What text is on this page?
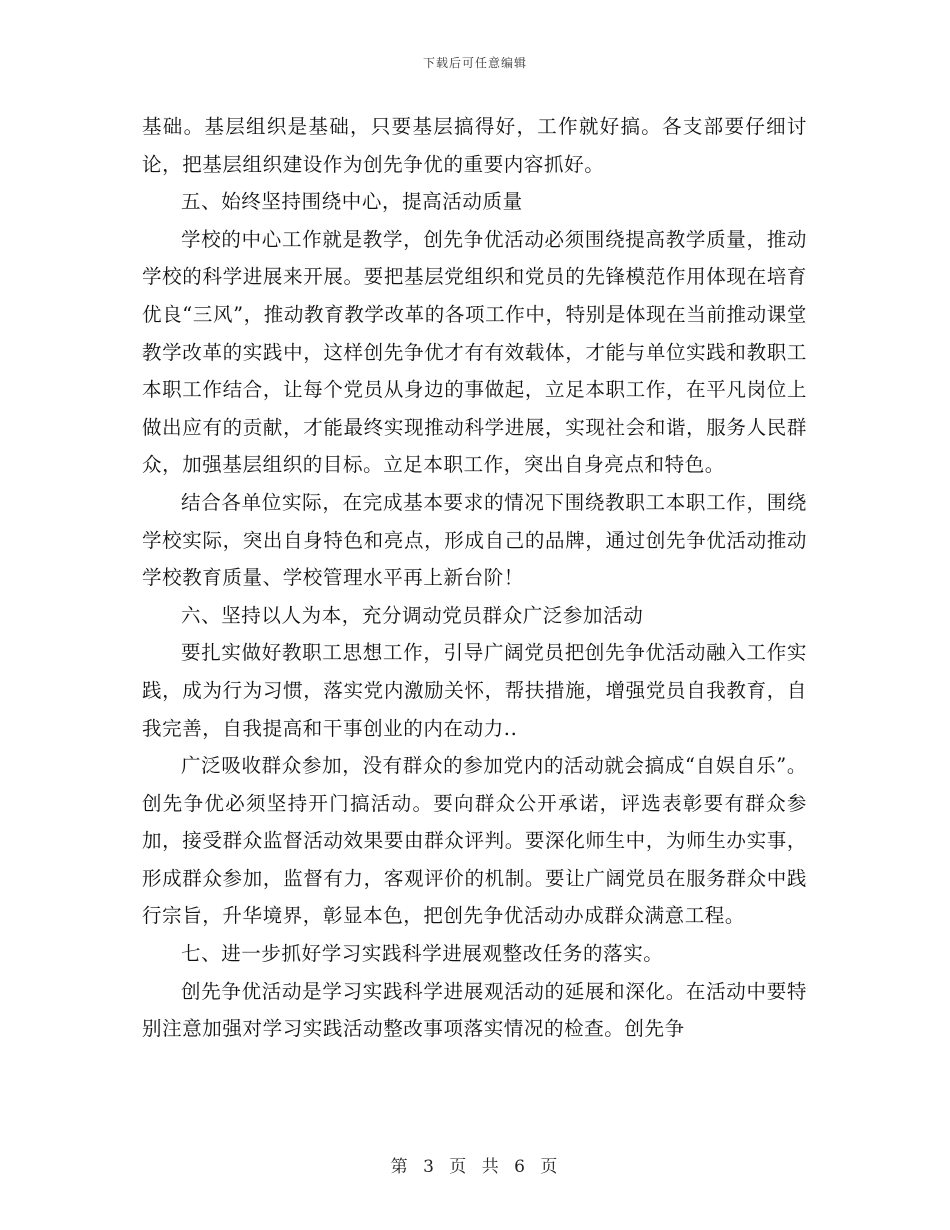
下载后可任意编辑

基础。基层组织是基础，只要基层搞得好，工作就好搞。各支部要仔细讨论，把基层组织建设作为创先争优的重要内容抓好。

五、始终坚持围绕中心，提高活动质量

学校的中心工作就是教学，创先争优活动必须围绕提高教学质量，推动学校的科学进展来开展。要把基层党组织和党员的先锋模范作用体现在培育优良“三风”，推动教育教学改革的各项工作中，特别是体现在当前推动课堂教学改革的实践中，这样创先争优才有有效载体，才能与单位实践和教职工本职工作结合，让每个党员从身边的事做起，立足本职工作，在平凡岗位上做出应有的贡献，才能最终实现推动科学进展，实现社会和谐，服务人民群众，加强基层组织的目标。立足本职工作，突出自身亮点和特色。

结合各单位实际，在完成基本要求的情况下围绕教职工本职工作，围绕学校实际，突出自身特色和亮点，形成自己的品牌，通过创先争优活动推动学校教育质量、学校管理水平再上新台阶！

六、坚持以人为本，充分调动党员群众广泛参加活动

要扎实做好教职工思想工作，引导广阔党员把创先争优活动融入工作实践，成为行为习惯，落实党内激励关怀，帮扶措施，增强党员自我教育，自我完善，自我提高和干事创业的内在动力..

广泛吸收群众参加，没有群众的参加党内的活动就会搞成“自娱自乐”。创先争优必须坚持开门搞活动。要向群众公开承诺，评选表彰要有群众参加，接受群众监督活动效果要由群众评判。要深化师生中，为师生办实事，形成群众参加，监督有力，客观评价的机制。要让广阔党员在服务群众中践行宗旨，升华境界，彰显本色，把创先争优活动办成群众满意工程。

七、进一步抓好学习实践科学进展观整改任务的落实。

创先争优活动是学习实践科学进展观活动的延展和深化。在活动中要特别注意加强对学习实践活动整改事项落实情况的检查。创先争

第 3 页 共 6 页
